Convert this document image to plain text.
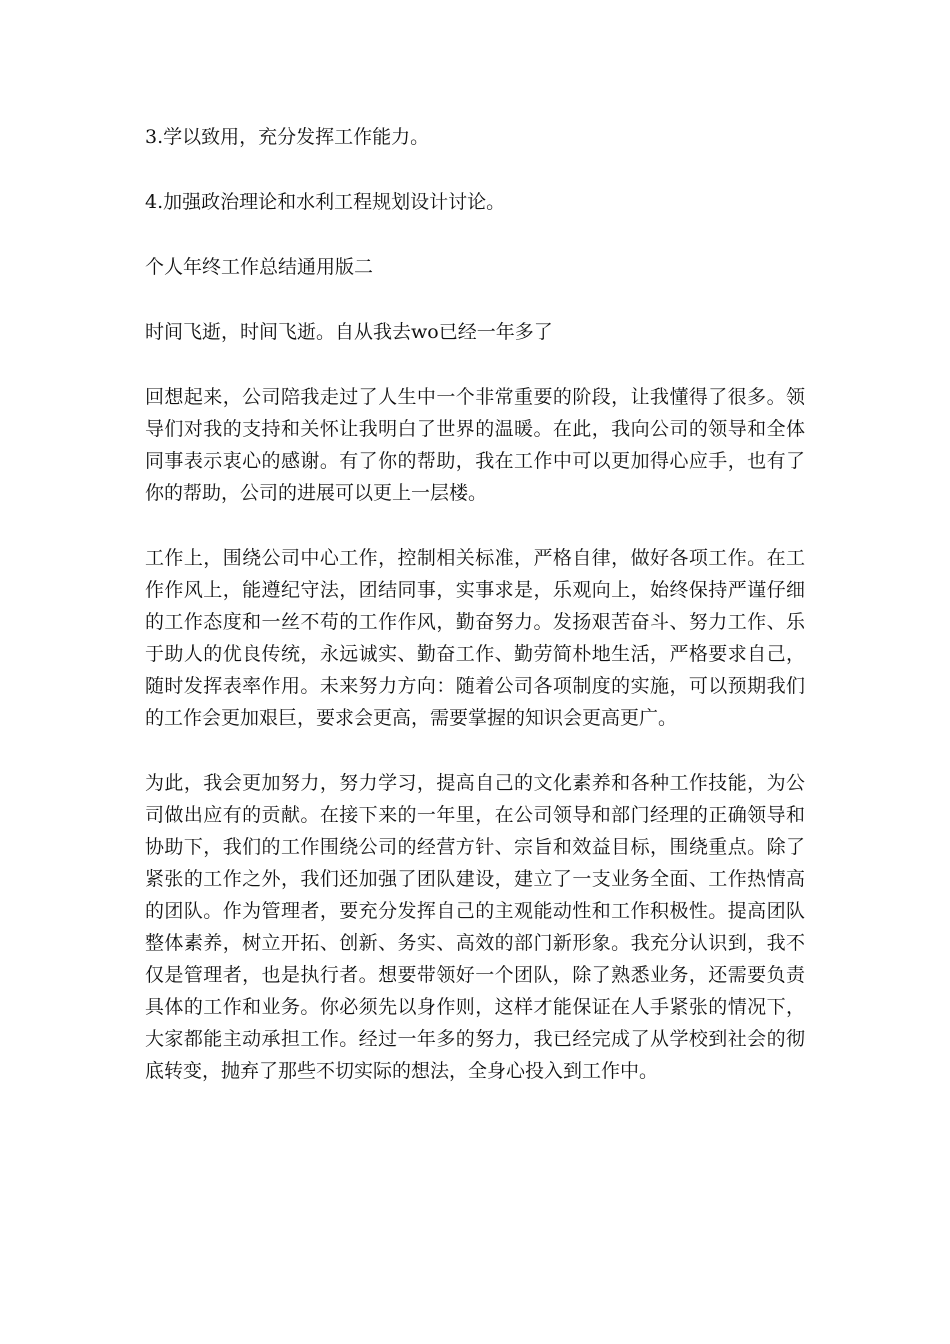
3.学以致用，充分发挥工作能力。

4.加强政治理论和水利工程规划设计讨论。

个人年终工作总结通用版二

时间飞逝，时间飞逝。自从我去wo已经一年多了

回想起来，公司陪我走过了人生中一个非常重要的阶段，让我懂得了很多。领导们对我的支持和关怀让我明白了世界的温暖。在此，我向公司的领导和全体同事表示衷心的感谢。有了你的帮助，我在工作中可以更加得心应手，也有了你的帮助，公司的进展可以更上一层楼。

工作上，围绕公司中心工作，控制相关标准，严格自律，做好各项工作。在工作作风上，能遵纪守法，团结同事，实事求是，乐观向上，始终保持严谨仔细的工作态度和一丝不苟的工作作风，勤奋努力。发扬艰苦奋斗、努力工作、乐于助人的优良传统，永远诚实、勤奋工作、勤劳简朴地生活，严格要求自己，随时发挥表率作用。未来努力方向：随着公司各项制度的实施，可以预期我们的工作会更加艰巨，要求会更高，需要掌握的知识会更高更广。

为此，我会更加努力，努力学习，提高自己的文化素养和各种工作技能，为公司做出应有的贡献。在接下来的一年里，在公司领导和部门经理的正确领导和协助下，我们的工作围绕公司的经营方针、宗旨和效益目标，围绕重点。除了紧张的工作之外，我们还加强了团队建设，建立了一支业务全面、工作热情高的团队。作为管理者，要充分发挥自己的主观能动性和工作积极性。提高团队整体素养，树立开拓、创新、务实、高效的部门新形象。我充分认识到，我不仅是管理者，也是执行者。想要带领好一个团队，除了熟悉业务，还需要负责具体的工作和业务。你必须先以身作则，这样才能保证在人手紧张的情况下，大家都能主动承担工作。经过一年多的努力，我已经完成了从学校到社会的彻底转变，抛弃了那些不切实际的想法，全身心投入到工作中。
